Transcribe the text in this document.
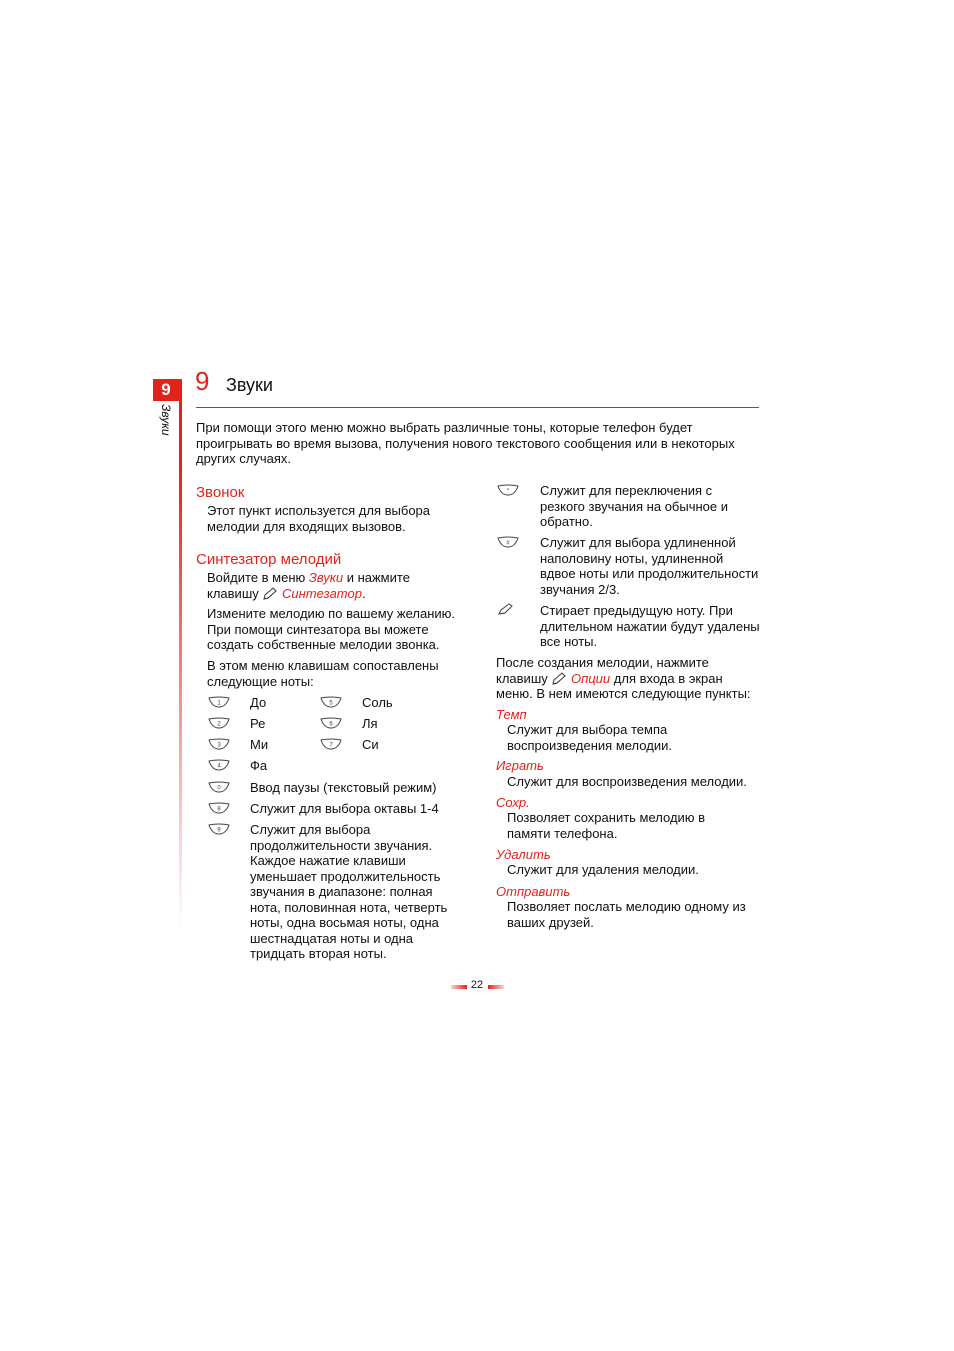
9
Звуки
9 Звуки
При помощи этого меню можно выбрать различные тоны, которые телефон будет проигрывать во время вызова, получения нового текстового сообщения или в некоторых других случаях.
Звонок
Этот пункт используется для выбора мелодии для входящих вызовов.
Синтезатор мелодий
Войдите в меню Звуки и нажмите
клавишу  Синтезатор.
Измените мелодию по вашему желанию. При помощи синтезатора вы можете создать собственные мелодии звонка.
В этом меню клавишам сопоставлены следующие ноты:
1 До
2 Ре
3 Ми
4 Фа
5 Соль
6 Ля
7 Си
0 Ввод паузы (текстовый режим)
8 Служит для выбора октавы 1-4
9 Служит для выбора продолжительности звучания. Каждое нажатие клавиши уменьшает продолжительность звучания в диапазоне: полная нота, половинная нота, четверть ноты, одна восьмая ноты, одна шестнадцатая ноты и одна тридцать вторая ноты.
* Служит для переключения с резкого звучания на обычное и обратно.
# Служит для выбора удлиненной наполовину ноты, удлиненной вдвое ноты или продолжительности звучания 2/3.
Стирает предыдущую ноту. При длительном нажатии будут удалены все ноты.
После создания мелодии, нажмите
клавишу  Опции для входа в экран
меню. В нем имеются следующие пункты:
Темп
Служит для выбора темпа воспроизведения мелодии.
Играть
Служит для воспроизведения мелодии.
Сохр.
Позволяет сохранить мелодию в памяти телефона.
Удалить
Служит для удаления мелодии.
Отправить
Позволяет послать мелодию одному из ваших друзей.
22
